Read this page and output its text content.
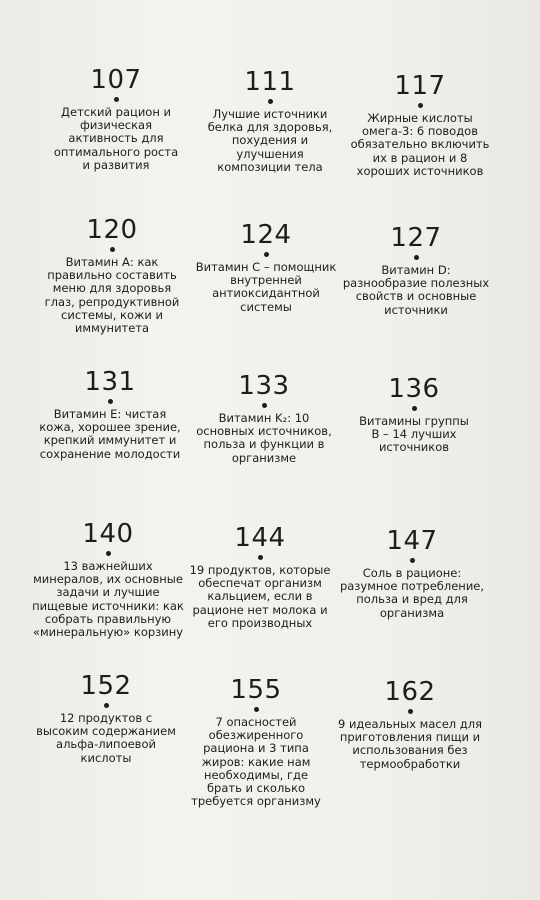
107
Детский рацион и физическая активность для оптимального роста и развития
111
Лучшие источники белка для здоровья, похудения и улучшения композиции тела
117
Жирные кислоты омега-3: 6 поводов обязательно включить их в рацион и 8 хороших источников
120
Витамин А: как правильно составить меню для здоровья глаз, репродуктивной системы, кожи и иммунитета
124
Витамин С – помощник внутренней антиоксидантной системы
127
Витамин D: разнообразие полезных свойств и основные источники
131
Витамин Е: чистая кожа, хорошее зрение, крепкий иммунитет и сохранение молодости
133
Витамин K₂: 10 основных источников, польза и функции в организме
136
Витамины группы B – 14 лучших источников
140
13 важнейших минералов, их основные задачи и лучшие пищевые источники: как собрать правильную «минеральную» корзину
144
19 продуктов, которые обеспечат организм кальцием, если в рационе нет молока и его производных
147
Соль в рационе: разумное потребление, польза и вред для организма
152
12 продуктов с высоким содержанием альфа-липоевой кислоты
155
7 опасностей обезжиренного рациона и 3 типа жиров: какие нам необходимы, где брать и сколько требуется организму
162
9 идеальных масел для приготовления пищи и использования без термообработки
